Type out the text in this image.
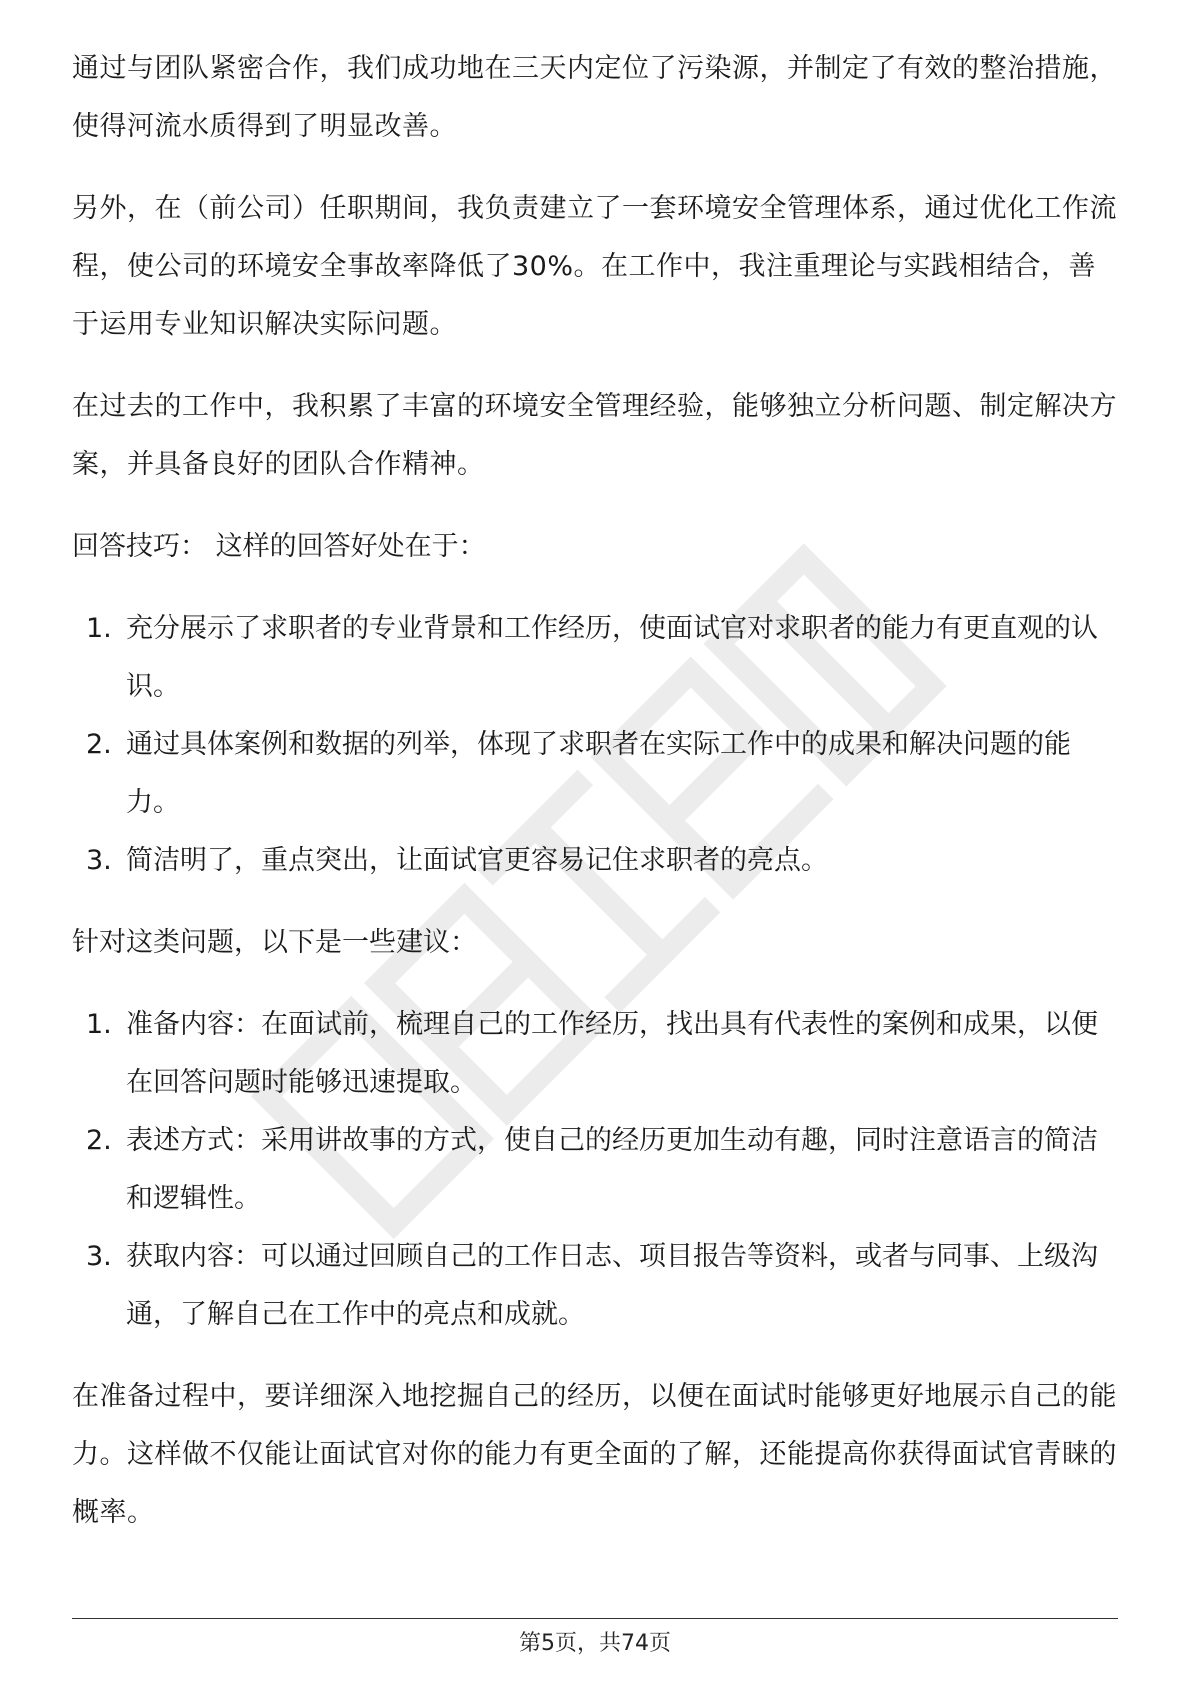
通过与团队紧密合作，我们成功地在三天内定位了污染源，并制定了有效的整治措施，使得河流水质得到了明显改善。

另外，在（前公司）任职期间，我负责建立了一套环境安全管理体系，通过优化工作流程，使公司的环境安全事故率降低了30%。在工作中，我注重理论与实践相结合，善于运用专业知识解决实际问题。

在过去的工作中，我积累了丰富的环境安全管理经验，能够独立分析问题、制定解决方案，并具备良好的团队合作精神。

回答技巧： 这样的回答好处在于：

1. 充分展示了求职者的专业背景和工作经历，使面试官对求职者的能力有更直观的认识。
2. 通过具体案例和数据的列举，体现了求职者在实际工作中的成果和解决问题的能力。
3. 简洁明了，重点突出，让面试官更容易记住求职者的亮点。

针对这类问题，以下是一些建议：

1. 准备内容：在面试前，梳理自己的工作经历，找出具有代表性的案例和成果，以便在回答问题时能够迅速提取。
2. 表述方式：采用讲故事的方式，使自己的经历更加生动有趣，同时注意语言的简洁和逻辑性。
3. 获取内容：可以通过回顾自己的工作日志、项目报告等资料，或者与同事、上级沟通，了解自己在工作中的亮点和成就。

在准备过程中，要详细深入地挖掘自己的经历，以便在面试时能够更好地展示自己的能力。这样做不仅能让面试官对你的能力有更全面的了解，还能提高你获得面试官青睐的概率。

第5页，共74页
